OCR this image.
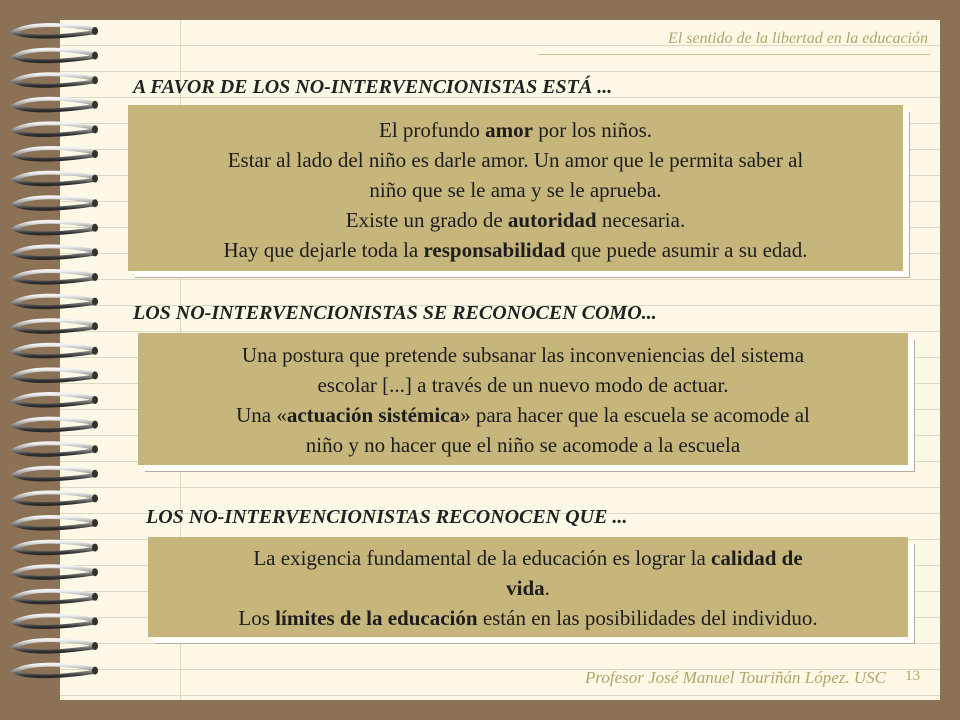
El sentido de la libertad en la educación
A FAVOR DE LOS NO-INTERVENCIONISTAS ESTÁ ...

El profundo amor por los niños.

Estar al lado del niño es darle amor. Un amor que le permita saber al

niño que se le ama y se le aprueba.

Existe un grado de autoridad necesaria.

Hay que dejarle toda la responsabilidad que puede asumir a su edad.

LOS NO-INTERVENCIONISTAS SE RECONOCEN COMO...

Una postura que pretende subsanar las inconveniencias del sistema

escolar [...] a través de un nuevo modo de actuar.

Una «actuación sistémica» para hacer que la escuela se acomode al

niño y no hacer que el niño se acomode a la escuela

LOS NO-INTERVENCIONISTAS RECONOCEN QUE ...

La exigencia fundamental de la educación es lograr la calidad de

vida.

Los límites de la educación están en las posibilidades del individuo.

Profesor José Manuel Touriñán López. USC 13
